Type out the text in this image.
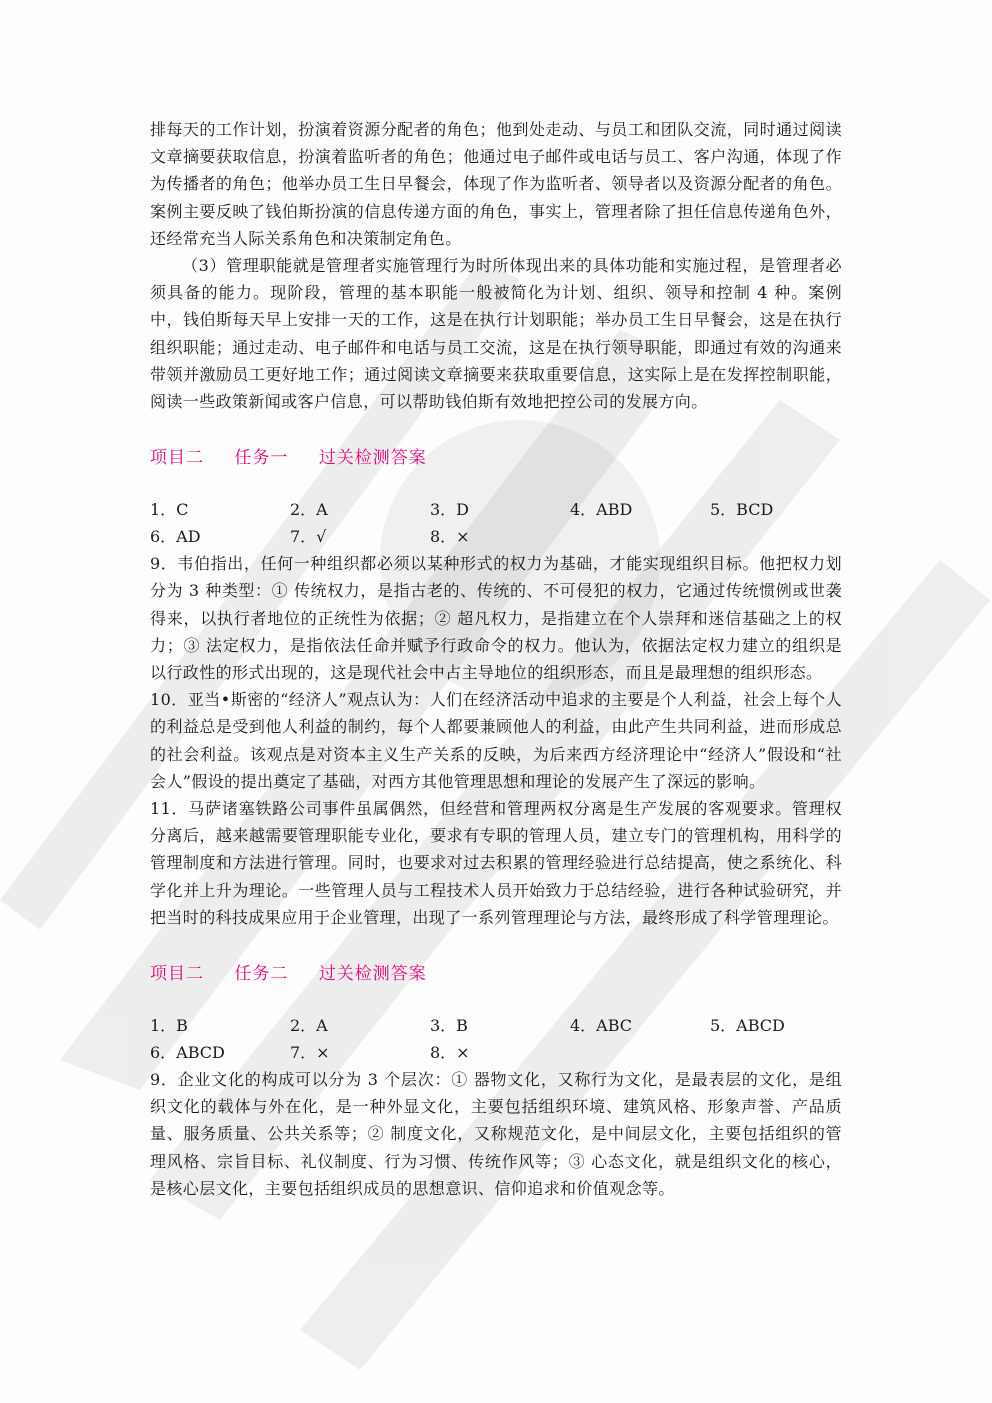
排每天的工作计划，扮演着资源分配者的角色；他到处走动、与员工和团队交流，同时通过阅读文章摘要获取信息，扮演着监听者的角色；他通过电子邮件或电话与员工、客户沟通，体现了作为传播者的角色；他举办员工生日早餐会，体现了作为监听者、领导者以及资源分配者的角色。案例主要反映了钱伯斯扮演的信息传递方面的角色，事实上，管理者除了担任信息传递角色外，还经常充当人际关系角色和决策制定角色。

（3）管理职能就是管理者实施管理行为时所体现出来的具体功能和实施过程，是管理者必须具备的能力。现阶段，管理的基本职能一般被简化为计划、组织、领导和控制 4 种。案例中，钱伯斯每天早上安排一天的工作，这是在执行计划职能；举办员工生日早餐会，这是在执行组织职能；通过走动、电子邮件和电话与员工交流，这是在执行领导职能，即通过有效的沟通来带领并激励员工更好地工作；通过阅读文章摘要来获取重要信息，这实际上是在发挥控制职能，阅读一些政策新闻或客户信息，可以帮助钱伯斯有效地把控公司的发展方向。

项目二 任务一 过关检测答案
1．C	2．A	3．D	4．ABD	5．BCD
6．AD	7．√	8．×

9．韦伯指出，任何一种组织都必须以某种形式的权力为基础，才能实现组织目标。他把权力划分为 3 种类型：① 传统权力，是指古老的、传统的、不可侵犯的权力，它通过传统惯例或世袭得来，以执行者地位的正统性为依据；② 超凡权力，是指建立在个人崇拜和迷信基础之上的权力；③ 法定权力，是指依法任命并赋予行政命令的权力。他认为，依据法定权力建立的组织是以行政性的形式出现的，这是现代社会中占主导地位的组织形态，而且是最理想的组织形态。

10．亚当•斯密的“经济人”观点认为：人们在经济活动中追求的主要是个人利益，社会上每个人的利益总是受到他人利益的制约，每个人都要兼顾他人的利益，由此产生共同利益，进而形成总的社会利益。该观点是对资本主义生产关系的反映，为后来西方经济理论中“经济人”假设和“社会人”假设的提出奠定了基础，对西方其他管理思想和理论的发展产生了深远的影响。

11．马萨诸塞铁路公司事件虽属偶然，但经营和管理两权分离是生产发展的客观要求。管理权分离后，越来越需要管理职能专业化，要求有专职的管理人员，建立专门的管理机构，用科学的管理制度和方法进行管理。同时，也要求对过去积累的管理经验进行总结提高，使之系统化、科学化并上升为理论。一些管理人员与工程技术人员开始致力于总结经验，进行各种试验研究，并把当时的科技成果应用于企业管理，出现了一系列管理理论与方法，最终形成了科学管理理论。

项目二 任务二 过关检测答案
1．B	2．A	3．B	4．ABC	5．ABCD
6．ABCD	7．×	8．×

9．企业文化的构成可以分为 3 个层次：① 器物文化，又称行为文化，是最表层的文化，是组织文化的载体与外在化，是一种外显文化，主要包括组织环境、建筑风格、形象声誉、产品质量、服务质量、公共关系等；② 制度文化，又称规范文化，是中间层文化，主要包括组织的管理风格、宗旨目标、礼仪制度、行为习惯、传统作风等；③ 心态文化，就是组织文化的核心，是核心层文化，主要包括组织成员的思想意识、信仰追求和价值观念等。
